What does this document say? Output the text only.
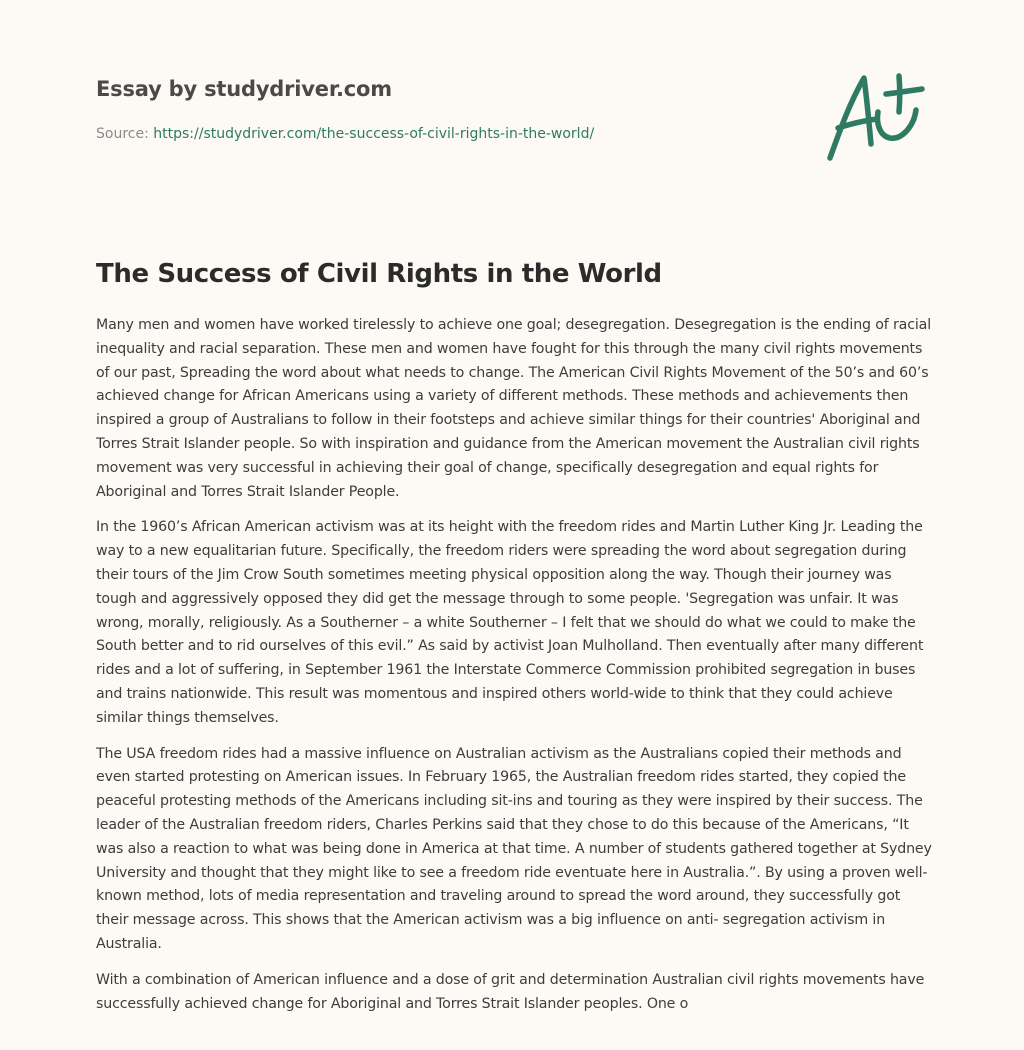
Essay by studydriver.com
Source: https://studydriver.com/the-success-of-civil-rights-in-the-world/
The Success of Civil Rights in the World

Many men and women have worked tirelessly to achieve one goal; desegregation. Desegregation is the ending of racial inequality and racial separation. These men and women have fought for this through the many civil rights movements of our past, Spreading the word about what needs to change. The American Civil Rights Movement of the 50’s and 60’s achieved change for African Americans using a variety of different methods. These methods and achievements then inspired a group of Australians to follow in their footsteps and achieve similar things for their countries' Aboriginal and Torres Strait Islander people. So with inspiration and guidance from the American movement the Australian civil rights movement was very successful in achieving their goal of change, specifically desegregation and equal rights for Aboriginal and Torres Strait Islander People.

In the 1960’s African American activism was at its height with the freedom rides and Martin Luther King Jr. Leading the way to a new equalitarian future. Specifically, the freedom riders were spreading the word about segregation during their tours of the Jim Crow South sometimes meeting physical opposition along the way. Though their journey was tough and aggressively opposed they did get the message through to some people. 'Segregation was unfair. It was wrong, morally, religiously. As a Southerner – a white Southerner – I felt that we should do what we could to make the South better and to rid ourselves of this evil.” As said by activist Joan Mulholland. Then eventually after many different rides and a lot of suffering, in September 1961 the Interstate Commerce Commission prohibited segregation in buses and trains nationwide. This result was momentous and inspired others world-wide to think that they could achieve similar things themselves.

The USA freedom rides had a massive influence on Australian activism as the Australians copied their methods and even started protesting on American issues. In February 1965, the Australian freedom rides started, they copied the peaceful protesting methods of the Americans including sit-ins and touring as they were inspired by their success. The leader of the Australian freedom riders, Charles Perkins said that they chose to do this because of the Americans, “It was also a reaction to what was being done in America at that time. A number of students gathered together at Sydney University and thought that they might like to see a freedom ride eventuate here in Australia.”. By using a proven well-known method, lots of media representation and traveling around to spread the word around, they successfully got their message across. This shows that the American activism was a big influence on anti- segregation activism in Australia.

With a combination of American influence and a dose of grit and determination Australian civil rights movements have successfully achieved change for Aboriginal and Torres Strait Islander peoples. One o
